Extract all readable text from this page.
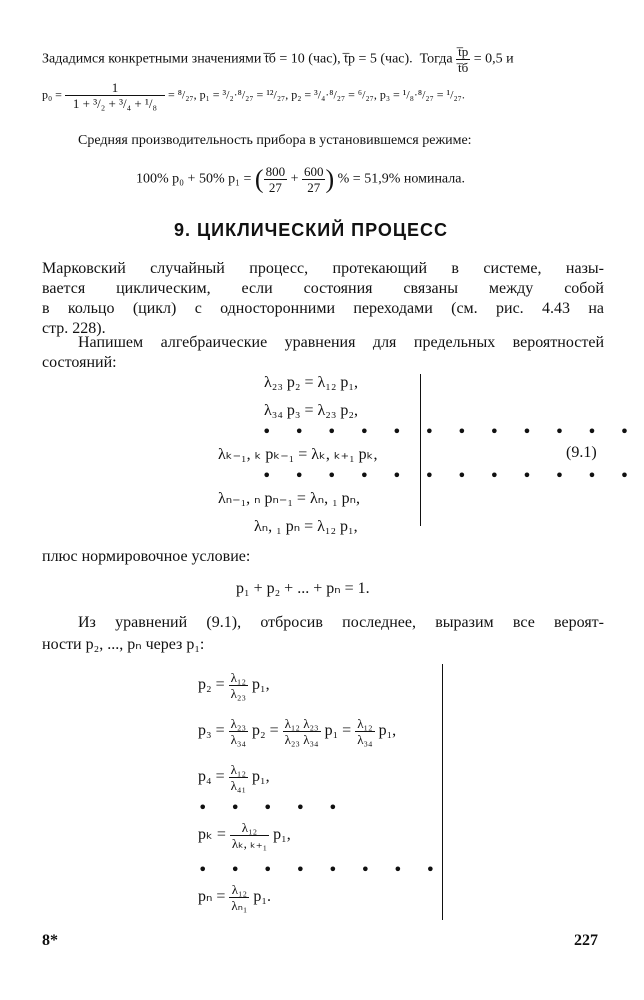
Зададимся конкретными значениями t̅б = 10 (час), t̅р = 5 (час). Тогда $\frac{t̅р}{t̅б} = 0,5$ и
$p_0 = \frac{1}{\text{1 + ³/₂ + ³/₄ + ¹/₈}} = ^8/_{27}$, p₁ = ³/₂·⁸/₂₇ = ¹²/₂₇, p₂ = ³/₄·⁸/₂₇ = ⁶/₂₇, p₃ = ¹/₈·⁸/₂₇ = ¹/₂₇.
Средняя производительность прибора в установившемся режиме:
100% p₀ + 50% p₁ = ( $\frac{800}{27} + \frac{600}{27}$ ) % = 51,9% номинала.
9. ЦИКЛИЧЕСКИЙ ПРОЦЕСС
Марковский случайный процесс, протекающий в системе, назы-
вается циклическим, если состояния связаны между собой
в кольцо (цикл) с односторонними переходами (см. рис. 4.43 на
стр. 228).
Напишем алгебраические уравнения для предельных вероятностей
состояний:
λ₂₃ p₂ = λ₁₂ p₁,
λ₃₄ p₃ = λ₂₃ p₂,
• • • • • • • • • • • •
λₖ₋₁, ₖ pₖ₋₁ = λₖ, ₖ₊₁ pₖ,
• • • • • • • • • • • •
λₙ₋₁, ₙ pₙ₋₁ = λₙ, ₁ pₙ,
λₙ, ₁ pₙ = λ₁₂ p₁,
(9.1)
плюс нормировочное условие:
p₁ + p₂ + ... + pₙ = 1.
Из уравнений (9.1), отбросив последнее, выразим все вероят-
ности p₂, ..., pₙ через p₁:
$p_2 = \frac{\text{λ₁₂}}{\text{λ₂₃}} p_1$,
$p_3 = \frac{\text{λ₂₃}}{\text{λ₃₄}} p_2 = \frac{\text{λ₁₂ λ₂₃}}{\text{λ₂₃ λ₃₄}} p_1 = \frac{\text{λ₁₂}}{\text{λ₃₄}} p_1$,
$p_4 = \frac{\text{λ₁₂}}{\text{λ₄₁}} p_1$,
• • • • •
$p_k = \frac{\text{λ₁₂}}{\text{λₖ, ₖ₊₁}} p_1$,
• • • • • • • •
$p_n = \frac{\text{λ₁₂}}{\text{λₙ₁}} p_1$.
8*	227
